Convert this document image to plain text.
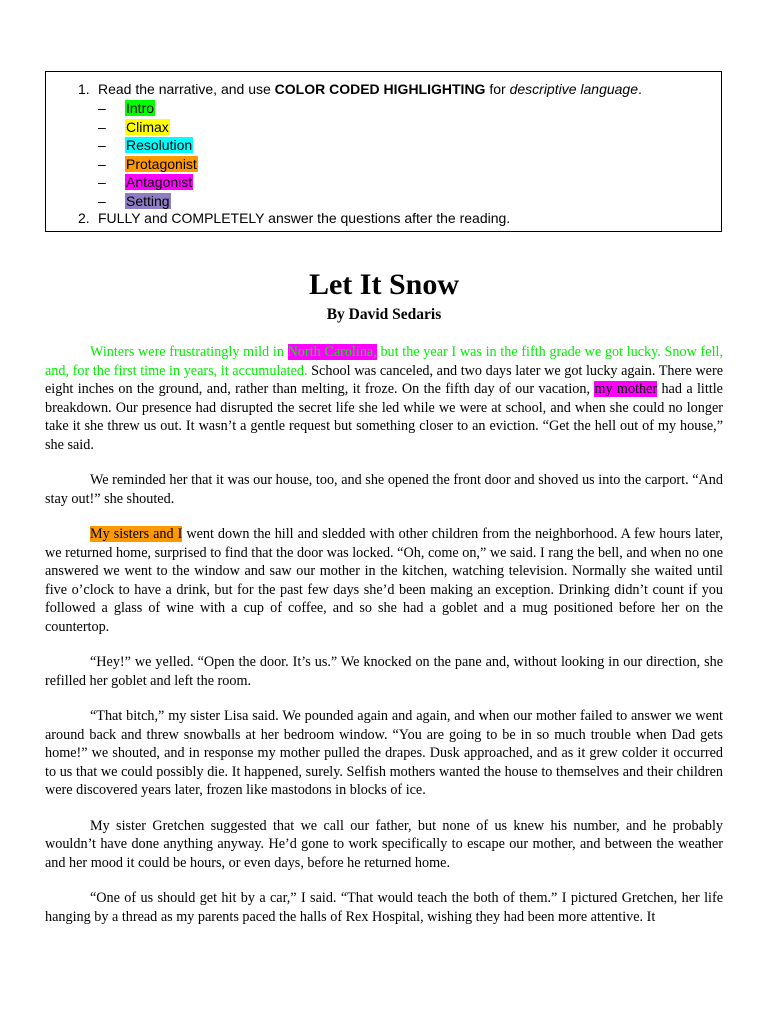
1. Read the narrative, and use COLOR CODED HIGHLIGHTING for descriptive language.
– Intro
– Climax
– Resolution
– Protagonist
– Antagonist
– Setting
2. FULLY and COMPLETELY answer the questions after the reading.
Let It Snow
By David Sedaris

Winters were frustratingly mild in North Carolina, but the year I was in the fifth grade we got lucky. Snow fell, and, for the first time in years, it accumulated. School was canceled, and two days later we got lucky again. There were eight inches on the ground, and, rather than melting, it froze. On the fifth day of our vacation, my mother had a little breakdown. Our presence had disrupted the secret life she led while we were at school, and when she could no longer take it she threw us out. It wasn’t a gentle request but something closer to an eviction. “Get the hell out of my house,” she said.

We reminded her that it was our house, too, and she opened the front door and shoved us into the carport. “And stay out!” she shouted.

My sisters and I went down the hill and sledded with other children from the neighborhood. A few hours later, we returned home, surprised to find that the door was locked. “Oh, come on,” we said. I rang the bell, and when no one answered we went to the window and saw our mother in the kitchen, watching television. Normally she waited until five o’clock to have a drink, but for the past few days she’d been making an exception. Drinking didn’t count if you followed a glass of wine with a cup of coffee, and so she had a goblet and a mug positioned before her on the countertop.

“Hey!” we yelled. “Open the door. It’s us.” We knocked on the pane and, without looking in our direction, she refilled her goblet and left the room.

“That bitch,” my sister Lisa said. We pounded again and again, and when our mother failed to answer we went around back and threw snowballs at her bedroom window. “You are going to be in so much trouble when Dad gets home!” we shouted, and in response my mother pulled the drapes. Dusk approached, and as it grew colder it occurred to us that we could possibly die. It happened, surely. Selfish mothers wanted the house to themselves and their children were discovered years later, frozen like mastodons in blocks of ice.

My sister Gretchen suggested that we call our father, but none of us knew his number, and he probably wouldn’t have done anything anyway. He’d gone to work specifically to escape our mother, and between the weather and her mood it could be hours, or even days, before he returned home.

“One of us should get hit by a car,” I said. “That would teach the both of them.” I pictured Gretchen, her life hanging by a thread as my parents paced the halls of Rex Hospital, wishing they had been more attentive. It
